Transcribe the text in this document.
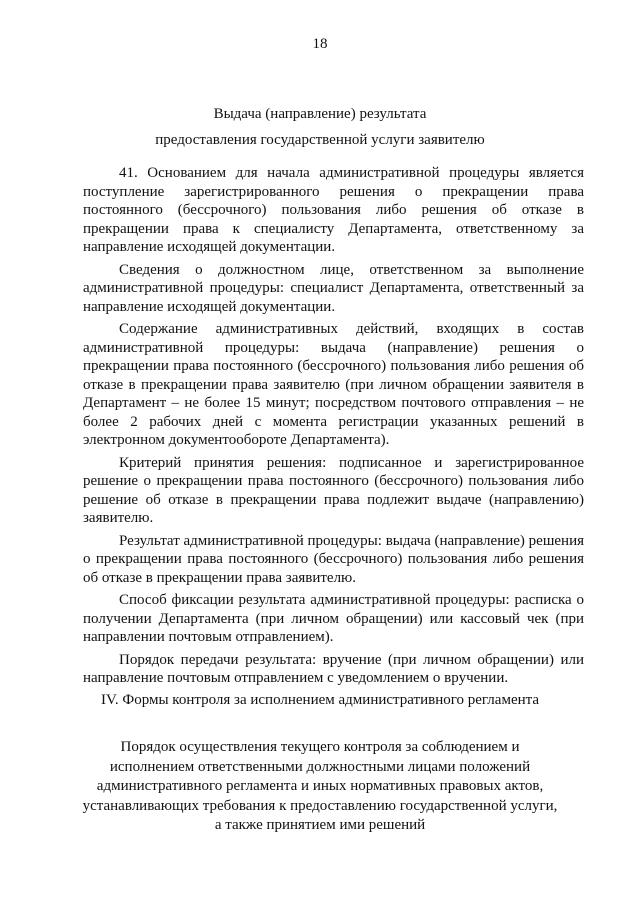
18
Выдача (направление) результата
предоставления государственной услуги заявителю

41. Основанием для начала административной процедуры является поступление зарегистрированного решения о прекращении права постоянного (бессрочного) пользования либо решения об отказе в прекращении права к специалисту Департамента, ответственному за направление исходящей документации.

Сведения о должностном лице, ответственном за выполнение административной процедуры: специалист Департамента, ответственный за направление исходящей документации.

Содержание административных действий, входящих в состав административной процедуры: выдача (направление) решения о прекращении права постоянного (бессрочного) пользования либо решения об отказе в прекращении права заявителю (при личном обращении заявителя в Департамент – не более 15 минут; посредством почтового отправления – не более 2 рабочих дней с момента регистрации указанных решений в электронном документообороте Департамента).

Критерий принятия решения: подписанное и зарегистрированное решение о прекращении права постоянного (бессрочного) пользования либо решение об отказе в прекращении права подлежит выдаче (направлению) заявителю.

Результат административной процедуры: выдача (направление) решения о прекращении права постоянного (бессрочного) пользования либо решения об отказе в прекращении права заявителю.

Способ фиксации результата административной процедуры: расписка о получении Департамента (при личном обращении) или кассовый чек (при направлении почтовым отправлением).

Порядок передачи результата: вручение (при личном обращении) или направление почтовым отправлением с уведомлением о вручении.

IV. Формы контроля за исполнением административного регламента
Порядок осуществления текущего контроля за соблюдением и
исполнением ответственными должностными лицами положений
административного регламента и иных нормативных правовых актов,
устанавливающих требования к предоставлению государственной услуги,
а также принятием ими решений
